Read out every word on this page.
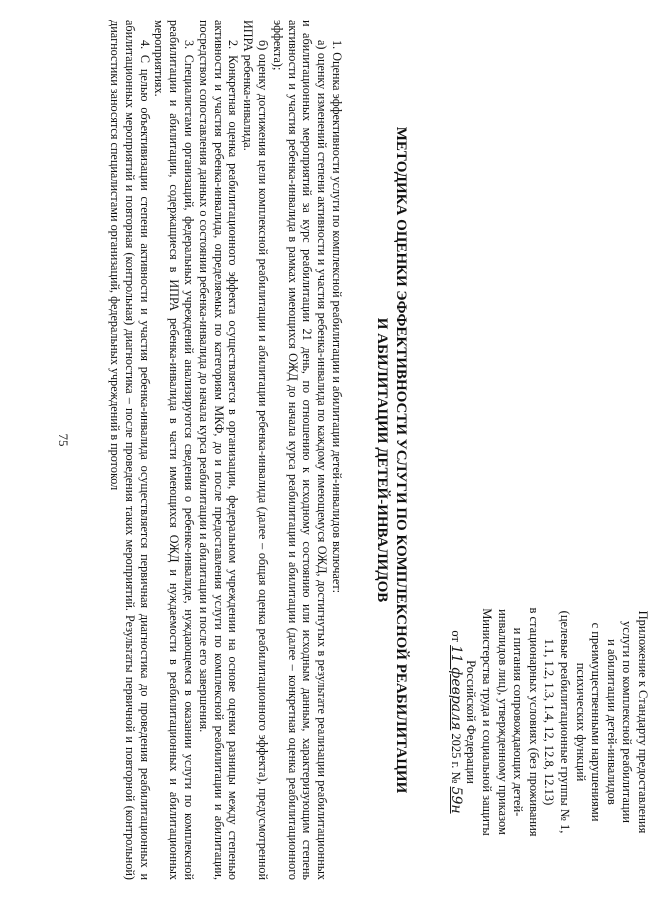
75
Приложение к Стандарту предоставления
услуги по комплексной реабилитации
и абилитации детей-инвалидов
с преимущественными нарушениями
психических функций
(целевые реабилитационные группы № 1,
1.1, 1.2, 1.3, 1.4, 12, 12.8, 12.13)
в стационарных условиях (без проживания
и питания сопровождающих детей-
инвалидов лиц), утвержденному приказом
Министерства труда и социальной защиты
Российской Федерации
от 11 февраля 2025 г. № 59н
МЕТОДИКА ОЦЕНКИ ЭФФЕКТИВНОСТИ УСЛУГИ ПО КОМПЛЕКСНОЙ РЕАБИЛИТАЦИИ
И АБИЛИТАЦИИ ДЕТЕЙ-ИНВАЛИДОВ

1. Оценка эффективности услуги по комплексной реабилитации и абилитации детей-инвалидов включает:

а) оценку изменений степени активности и участия ребенка-инвалида по каждому имеющемуся ОЖД, достигнутых в результате реализации реабилитационных и абилитационных мероприятий за курс реабилитации 21 день, по отношению к исходному состоянию или исходным данным, характеризующим степень активности и участия ребенка-инвалида в рамках имеющихся ОЖД до начала курса реабилитации и абилитации (далее – конкретная оценка реабилитационного эффекта);

б) оценку достижения цели комплексной реабилитации и абилитации ребенка-инвалида (далее – общая оценка реабилитационного эффекта), предусмотренной ИПРА ребенка-инвалида.

2. Конкретная оценка реабилитационного эффекта осуществляется в организации, федеральном учреждении на основе оценки разницы между степенью активности и участия ребенка-инвалида, определяемых по категориям МКФ, до и после предоставления услуги по комплексной реабилитации и абилитации, посредством сопоставления данных о состоянии ребенка-инвалида до начала курса реабилитации и абилитации и после его завершения.

3. Специалистами организаций, федеральных учреждений анализируются сведения о ребенке-инвалиде, нуждающемся в оказании услуги по комплексной реабилитации и абилитации, содержащиеся в ИПРА ребенка-инвалида в части имеющихся ОЖД и нуждаемости в реабилитационных и абилитационных мероприятиях.

4. С целью объективизации степени активности и участия ребенка-инвалида осуществляется первичная диагностика до проведения реабилитационных и абилитационных мероприятий и повторная (контрольная) диагностика – после проведения таких мероприятий. Результаты первичной и повторной (контрольной) диагностики заносятся специалистами организаций, федеральных учреждений в протокол
